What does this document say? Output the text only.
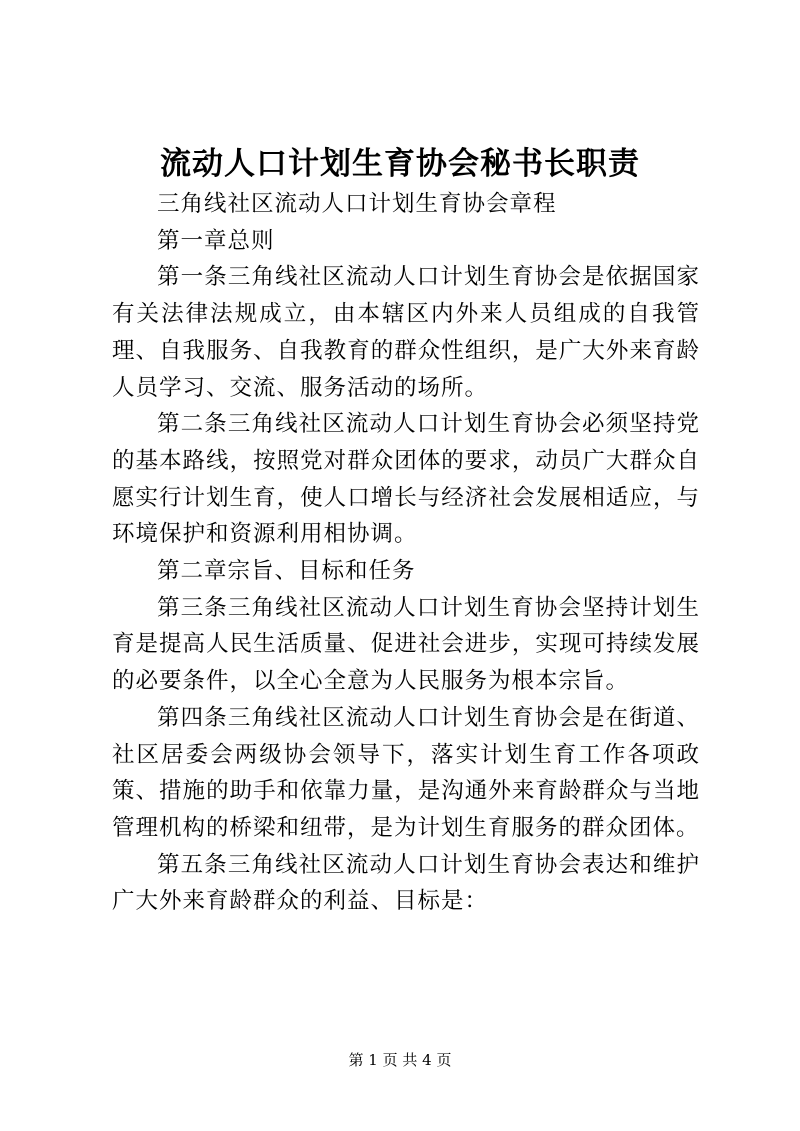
流动人口计划生育协会秘书长职责

三角线社区流动人口计划生育协会章程

第一章总则

第一条三角线社区流动人口计划生育协会是依据国家有关法律法规成立，由本辖区内外来人员组成的自我管理、自我服务、自我教育的群众性组织，是广大外来育龄人员学习、交流、服务活动的场所。

第二条三角线社区流动人口计划生育协会必须坚持党的基本路线，按照党对群众团体的要求，动员广大群众自愿实行计划生育，使人口增长与经济社会发展相适应，与环境保护和资源利用相协调。

第二章宗旨、目标和任务

第三条三角线社区流动人口计划生育协会坚持计划生育是提高人民生活质量、促进社会进步，实现可持续发展的必要条件，以全心全意为人民服务为根本宗旨。

第四条三角线社区流动人口计划生育协会是在街道、社区居委会两级协会领导下，落实计划生育工作各项政策、措施的助手和依靠力量，是沟通外来育龄群众与当地管理机构的桥梁和纽带，是为计划生育服务的群众团体。

第五条三角线社区流动人口计划生育协会表达和维护广大外来育龄群众的利益、目标是：

第 1 页 共 4 页
